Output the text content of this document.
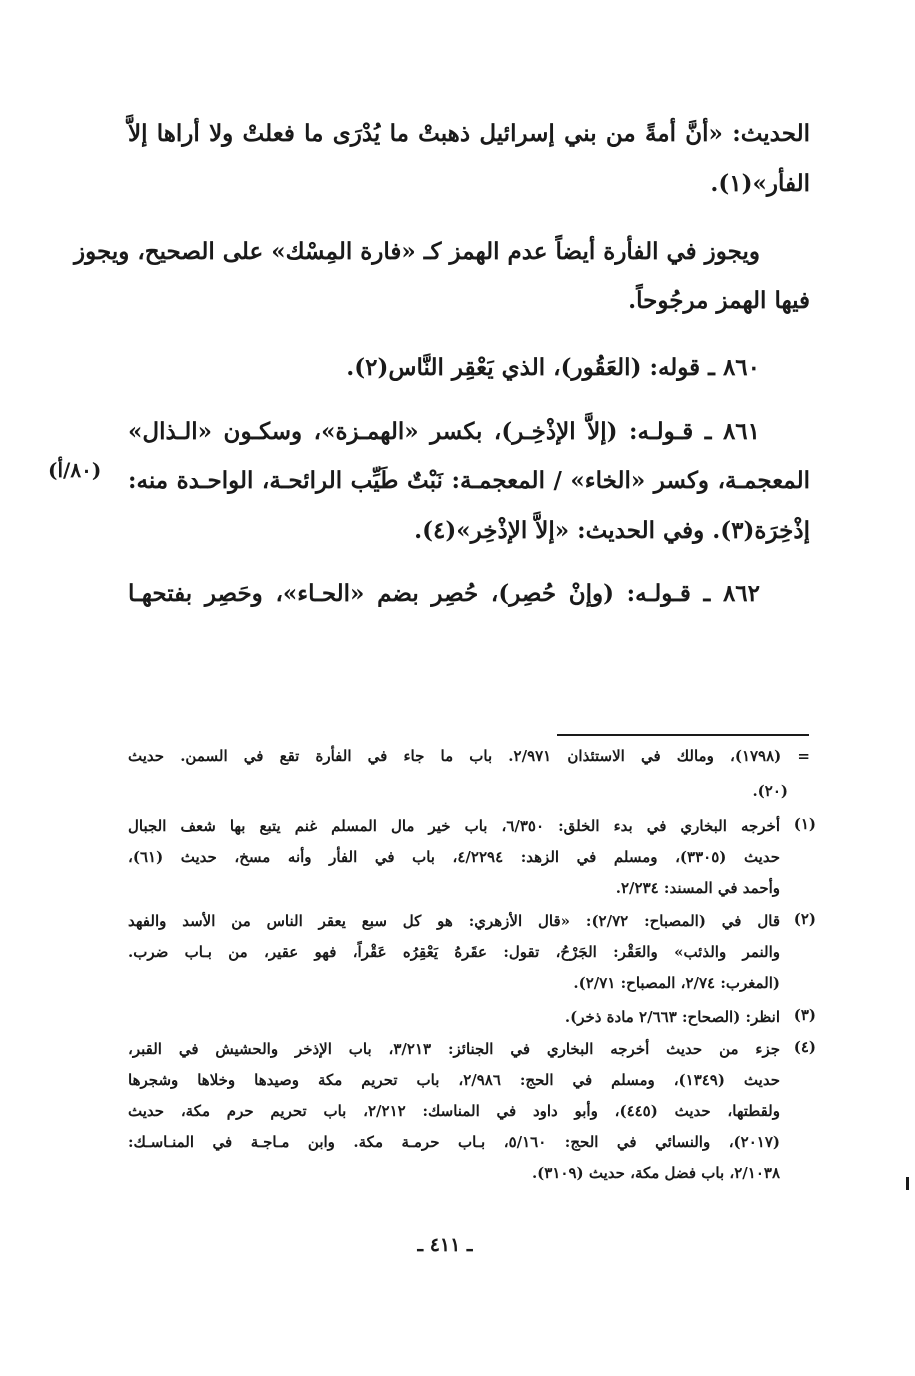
الحديث: «أنَّ أمةً من بني إسرائيل ذهبتْ ما يُدْرَى ما فعلتْ ولا أراها إلاَّ
الفأر»(١).
ويجوز في الفأرة أيضاً عدم الهمز كـ «فارة المِسْك» على الصحيح، ويجوز
فيها الهمز مرجُوحاً.
٨٦٠ ـ قوله: (العَقُور)، الذي يَعْقِر النَّاس(٢).
٨٦١ ـ قـولـه: (إلاَّ الإذْخِـر)، بكسر «الهمـزة»، وسكـون «الـذال»
المعجمـة، وكسر «الخاء» / المعجمـة: نَبْتٌ طَيِّب الرائحـة، الواحـدة منه:
إذْخِرَة(٣). وفي الحديث: «إلاَّ الإذْخِر»(٤).
٨٦٢ ـ قـولـه: (وإنْ حُصِر)، حُصِر بضم «الحـاء»، وحَصِر بفتحهـا
(٨٠/أ)
= (١٧٩٨)، ومالك في الاستئذان ٢/٩٧١. باب ما جاء في الفأرة تقع في السمن. حديث
(٢٠).
(١)
أخرجه البخاري في بدء الخلق: ٦/٣٥٠، باب خير مال المسلم غنم يتبع بها شعف الجبال
حديث (٣٣٠٥)، ومسلم في الزهد: ٤/٢٢٩٤، باب في الفأر وأنه مسخ، حديث (٦١)،
وأحمد في المسند: ٢/٢٣٤.
(٢)
قال في (المصباح: ٢/٧٢): «قال الأزهري: هو كل سبع يعقر الناس من الأسد والفهد
والنمر والذئب» والعَقْر: الجَرْحُ، تقول: عقَرهُ يَعْقِرُه عَقْراً، فهو عقير، من بـاب ضرب.
(المغرب: ٢/٧٤، المصباح: ٢/٧١).
(٣)
انظر: (الصحاح: ٢/٦٦٣ مادة ذخر).
(٤)
جزء من حديث أخرجه البخاري في الجنائز: ٣/٢١٣، باب الإذخر والحشيش في القبر،
حديث (١٣٤٩)، ومسلم في الحج: ٢/٩٨٦، باب تحريم مكة وصيدها وخلاها وشجرها
ولقطتها، حديث (٤٤٥)، وأبو داود في المناسك: ٢/٢١٢، باب تحريم حرم مكة، حديث
(٢٠١٧)، والنسائي في الحج: ٥/١٦٠، بـاب حرمـة مكة. وابن مـاجـة في المنـاسـك:
٢/١٠٣٨، باب فضل مكة، حديث (٣١٠٩).
ـ ٤١١ ـ
